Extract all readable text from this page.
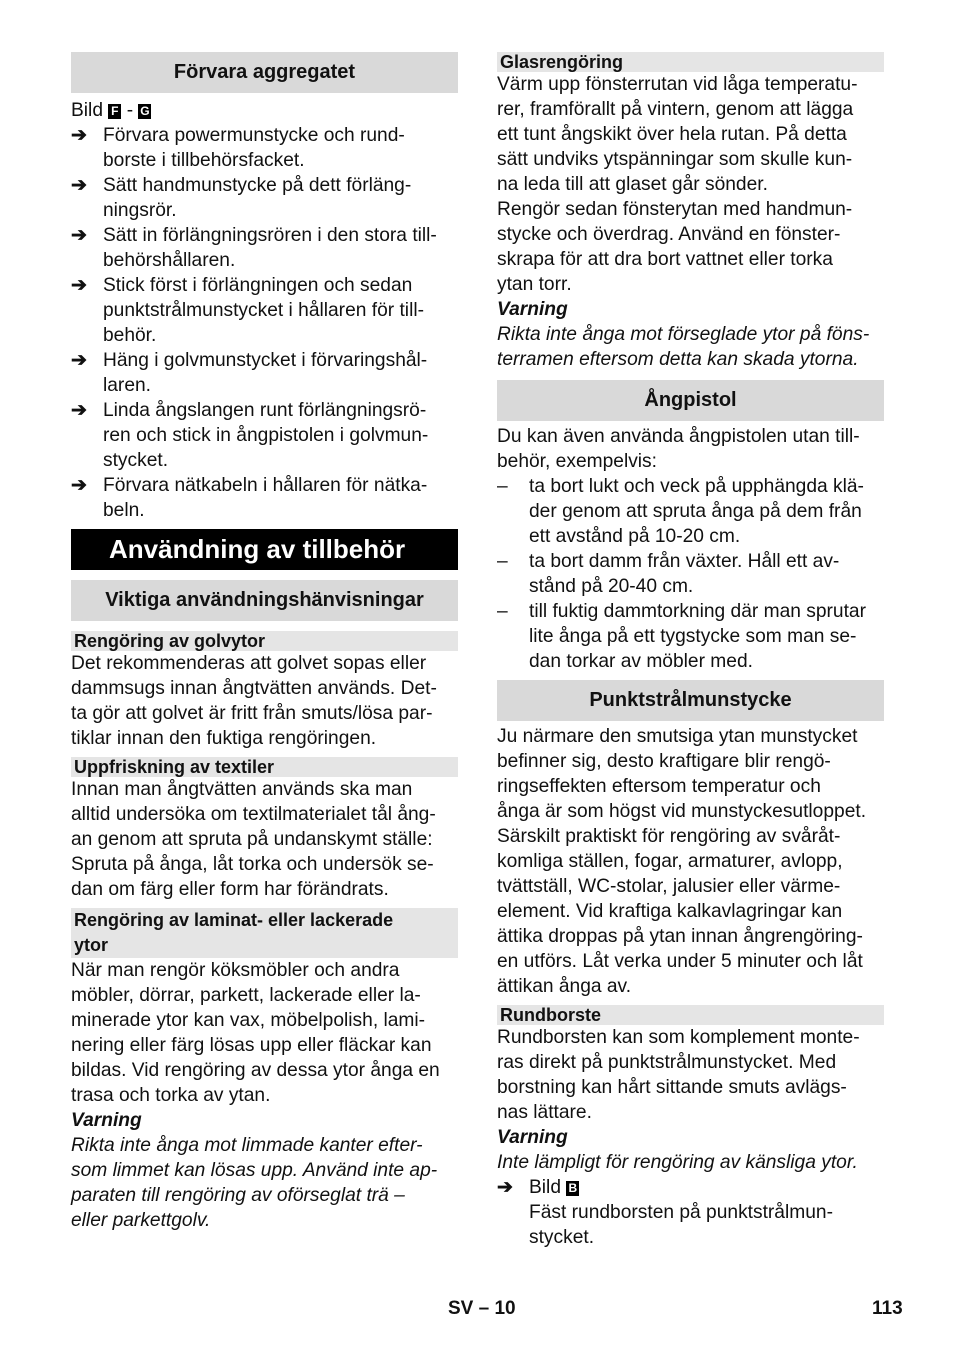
Förvara aggregatet
Bild F - G
➔ Förvara powermunstycke och rund-
borste i tillbehörsfacket.
➔ Sätt handmunstycke på dett förläng-
ningsrör.
➔ Sätt in förlängningsrören i den stora till-
behörshållaren.
➔ Stick först i förlängningen och sedan
punktstrålmunstycket i hållaren för till-
behör.
➔ Häng i golvmunstycket i förvaringshål-
laren.
➔ Linda ångslangen runt förlängningsrö-
ren och stick in ångpistolen i golvmun-
stycket.
➔ Förvara nätkabeln i hållaren för nätka-
beln.
Användning av tillbehör
Viktiga användningshänvisningar
Rengöring av golvytor
Det rekommenderas att golvet sopas eller
dammsugs innan ångtvätten används. Det-
ta gör att golvet är fritt från smuts/lösa par-
tiklar innan den fuktiga rengöringen.
Uppfriskning av textiler
Innan man ångtvätten används ska man
alltid undersöka om textilmaterialet tål ång-
an genom att spruta på undanskymt ställe:
Spruta på ånga, låt torka och undersök se-
dan om färg eller form har förändrats.
Rengöring av laminat- eller lackerade
ytor
När man rengör köksmöbler och andra
möbler, dörrar, parkett, lackerade eller la-
minerade ytor kan vax, möbelpolish, lami-
nering eller färg lösas upp eller fläckar kan
bildas. Vid rengöring av dessa ytor ånga en
trasa och torka av ytan.
Varning
Rikta inte ånga mot limmade kanter efter-
som limmet kan lösas upp. Använd inte ap-
paraten till rengöring av oförseglat trä –
eller parkettgolv.
Glasrengöring
Värm upp fönsterrutan vid låga temperatu-
rer, framförallt på vintern, genom att lägga
ett tunt ångskikt över hela rutan. På detta
sätt undviks ytspänningar som skulle kun-
na leda till att glaset går sönder.
Rengör sedan fönsterytan med handmun-
stycke och överdrag. Använd en fönster-
skrapa för att dra bort vattnet eller torka
ytan torr.
Varning
Rikta inte ånga mot förseglade ytor på föns-
terramen eftersom detta kan skada ytorna.
Ångpistol
Du kan även använda ångpistolen utan till-
behör, exempelvis:
– ta bort lukt och veck på upphängda klä-
der genom att spruta ånga på dem från
ett avstånd på 10-20 cm.
– ta bort damm från växter. Håll ett av-
stånd på 20-40 cm.
– till fuktig dammtorkning där man sprutar
lite ånga på ett tygstycke som man se-
dan torkar av möbler med.
Punktstrålmunstycke
Ju närmare den smutsiga ytan munstycket
befinner sig, desto kraftigare blir rengö-
ringseffekten eftersom temperatur och
ånga är som högst vid munstyckesutloppet.
Särskilt praktiskt för rengöring av svåråt-
komliga ställen, fogar, armaturer, avlopp,
tvättställ, WC-stolar, jalusier eller värme-
element. Vid kraftiga kalkavlagringar kan
ättika droppas på ytan innan ångrengöring-
en utförs. Låt verka under 5 minuter och låt
ättikan ånga av.
Rundborste
Rundborsten kan som komplement monte-
ras direkt på punktstrålmunstycket. Med
borstning kan hårt sittande smuts avlägs-
nas lättare.
Varning
Inte lämpligt för rengöring av känsliga ytor.
➔ Bild B
Fäst rundborsten på punktstrålmun-
stycket.
SV – 10	113
